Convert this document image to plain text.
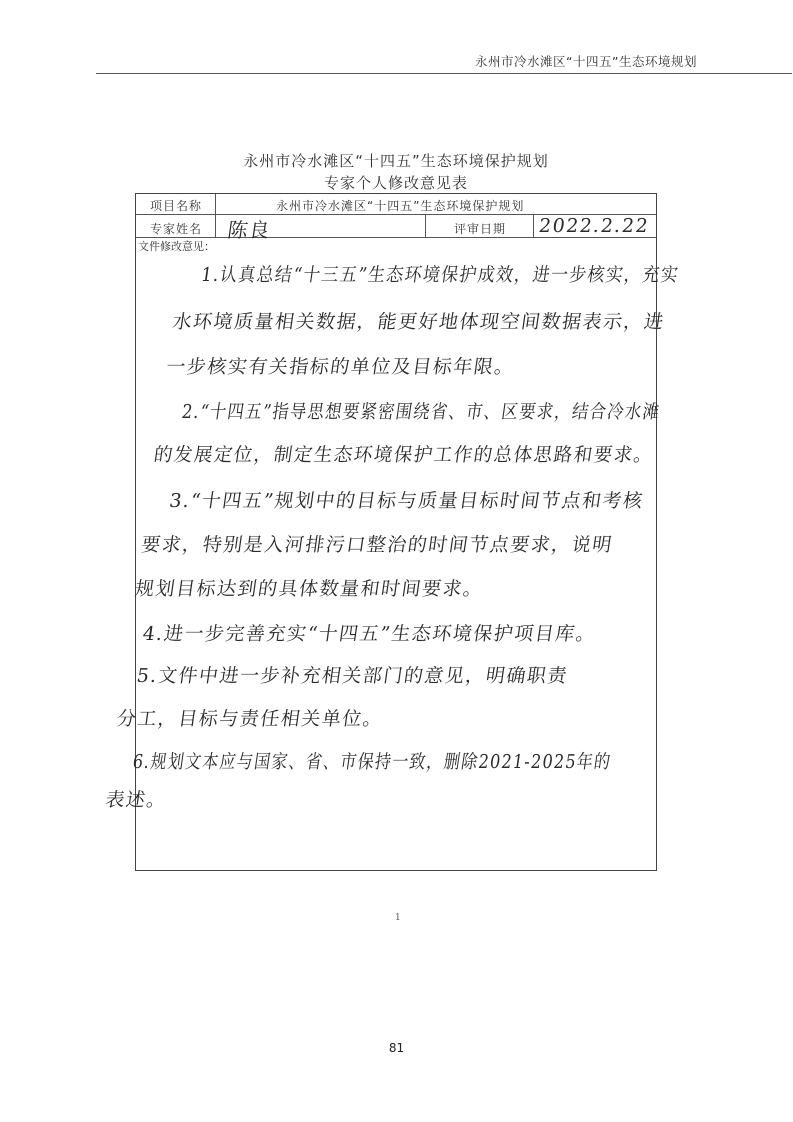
永州市冷水滩区“十四五”生态环境规划
永州市冷水滩区“十四五”生态环境保护规划
专家个人修改意见表
项目名称	永州市冷水滩区“十四五”生态环境保护规划
专家姓名 陈良	评审日期 2022.2.22
文件修改意见：
1.认真总结“十三五”生态环境保护成效，进一步核实，充实
水环境质量相关数据，能更好地体现空间数据表示，进
一步核实有关指标的单位及目标年限。
2.“十四五”指导思想要紧密围绕省、市、区要求，结合冷水滩
的发展定位，制定生态环境保护工作的总体思路和要求。
3.“十四五”规划中的目标与质量目标时间节点和考核
要求，特别是入河排污口整治的时间节点要求，说明
规划目标达到的具体数量和时间要求。
4.进一步完善充实“十四五”生态环境保护项目库。
5.文件中进一步补充相关部门的意见，明确职责
分工，目标与责任相关单位。
6.规划文本应与国家、省、市保持一致，删除2021-2025年的
表述。
1
81
